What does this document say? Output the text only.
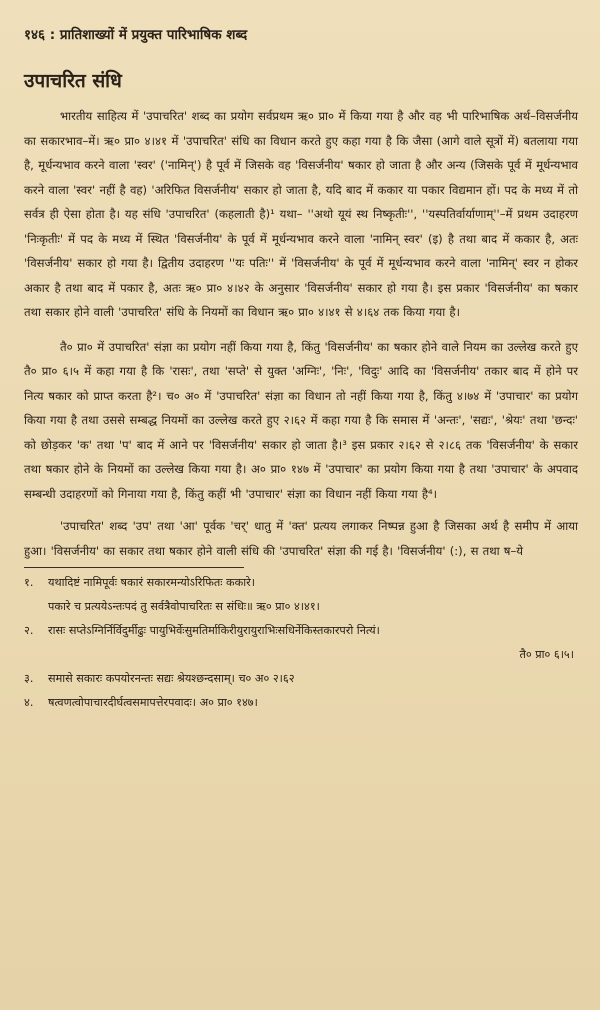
१४६ : प्रातिशाख्यों में प्रयुक्त पारिभाषिक शब्द
उपाचरित संधि

भारतीय साहित्य में 'उपाचरित' शब्द का प्रयोग सर्वप्रथम ऋ० प्रा० में किया गया है और वह भी पारिभाषिक अर्थ–विसर्जनीय का सकारभाव–में। ऋ० प्रा० ४।४१ में 'उपाचरित' संधि का विधान करते हुए कहा गया है कि जैसा (आगे वाले सूत्रों में) बतलाया गया है, मूर्धन्यभाव करने वाला 'स्वर' ('नामिन्') है पूर्व में जिसके वह 'विसर्जनीय' षकार हो जाता है और अन्य (जिसके पूर्व में मूर्धन्यभाव करने वाला 'स्वर' नहीं है वह) 'अरिफित विसर्जनीय' सकार हो जाता है, यदि बाद में ककार या पकार विद्यमान हों। पद के मध्य में तो सर्वत्र ही ऐसा होता है। यह संधि 'उपाचरित' (कहलाती है)¹ यथा– ''अथो यूयं स्थ निष्कृतीः'', ''यस्पतिर्वार्याणाम्''–में प्रथम उदाहरण 'निःकृतीः' में पद के मध्य में स्थित 'विसर्जनीय' के पूर्व में मूर्धन्यभाव करने वाला 'नामिन् स्वर' (इ) है तथा बाद में ककार है, अतः 'विसर्जनीय' सकार हो गया है। द्वितीय उदाहरण ''यः पतिः'' में 'विसर्जनीय' के पूर्व में मूर्धन्यभाव करने वाला 'नामिन्' स्वर न होकर अकार है तथा बाद में पकार है, अतः ऋ० प्रा० ४।४२ के अनुसार 'विसर्जनीय' सकार हो गया है। इस प्रकार 'विसर्जनीय' का षकार तथा सकार होने वाली 'उपाचरित' संधि के नियमों का विधान ऋ० प्रा० ४।४१ से ४।६४ तक किया गया है।

तै० प्रा० में उपाचरित' संज्ञा का प्रयोग नहीं किया गया है, किंतु 'विसर्जनीय' का षकार होने वाले नियम का उल्लेख करते हुए तै० प्रा० ६।५ में कहा गया है कि 'रासः', तथा 'सप्ते' से युक्त 'अग्निः', 'निः', 'विदुः' आदि का 'विसर्जनीय' तकार बाद में होने पर नित्य षकार को प्राप्त करता है²। च० अ० में 'उपाचरित' संज्ञा का विधान तो नहीं किया गया है, किंतु ४।७४ में 'उपाचार' का प्रयोग किया गया है तथा उससे सम्बद्ध नियमों का उल्लेख करते हुए २।६२ में कहा गया है कि समास में 'अन्तः', 'सद्यः', 'श्रेयः' तथा 'छन्दः' को छोड़कर 'क' तथा 'प' बाद में आने पर 'विसर्जनीय' सकार हो जाता है।³ इस प्रकार २।६२ से २।८६ तक 'विसर्जनीय' के सकार तथा षकार होने के नियमों का उल्लेख किया गया है। अ० प्रा० १४७ में 'उपाचार' का प्रयोग किया गया है तथा 'उपाचार' के अपवाद सम्बन्धी उदाहरणों को गिनाया गया है, किंतु कहीं भी 'उपाचार' संज्ञा का विधान नहीं किया गया है⁴।

'उपाचरित' शब्द 'उप' तथा 'आ' पूर्वक 'चर्' धातु में 'क्त' प्रत्यय लगाकर निष्पन्न हुआ है जिसका अर्थ है समीप में आया हुआ। 'विसर्जनीय' का सकार तथा षकार होने वाली संधि की 'उपाचरित' संज्ञा की गई है। 'विसर्जनीय' (:), स तथा ष–ये

१.	यथादिष्टं नामिपूर्वः षकारं सकारमन्योऽरिफितः ककारे।
पकारे च प्रत्ययेऽन्तःपदं तु सर्वत्रैवोपाचरितः स संधिः॥ ऋ० प्रा० ४।४१।
२.	रासः सप्तेऽग्निर्निर्विदुर्मीढुः पायुभिर्वेःसुमतिर्माकिरीयुरायुराभिःसधिर्नेकिस्तकारपरो नित्यं।
तै० प्रा० ६।५।
३.	समासे सकारः कपयोरनन्तः सद्यः श्रेयश्छन्दसाम्। च० अ० २।६२
४.	षत्वणत्वोपाचारदीर्घत्वसमापत्तेरपवादः। अ० प्रा० १४७।
